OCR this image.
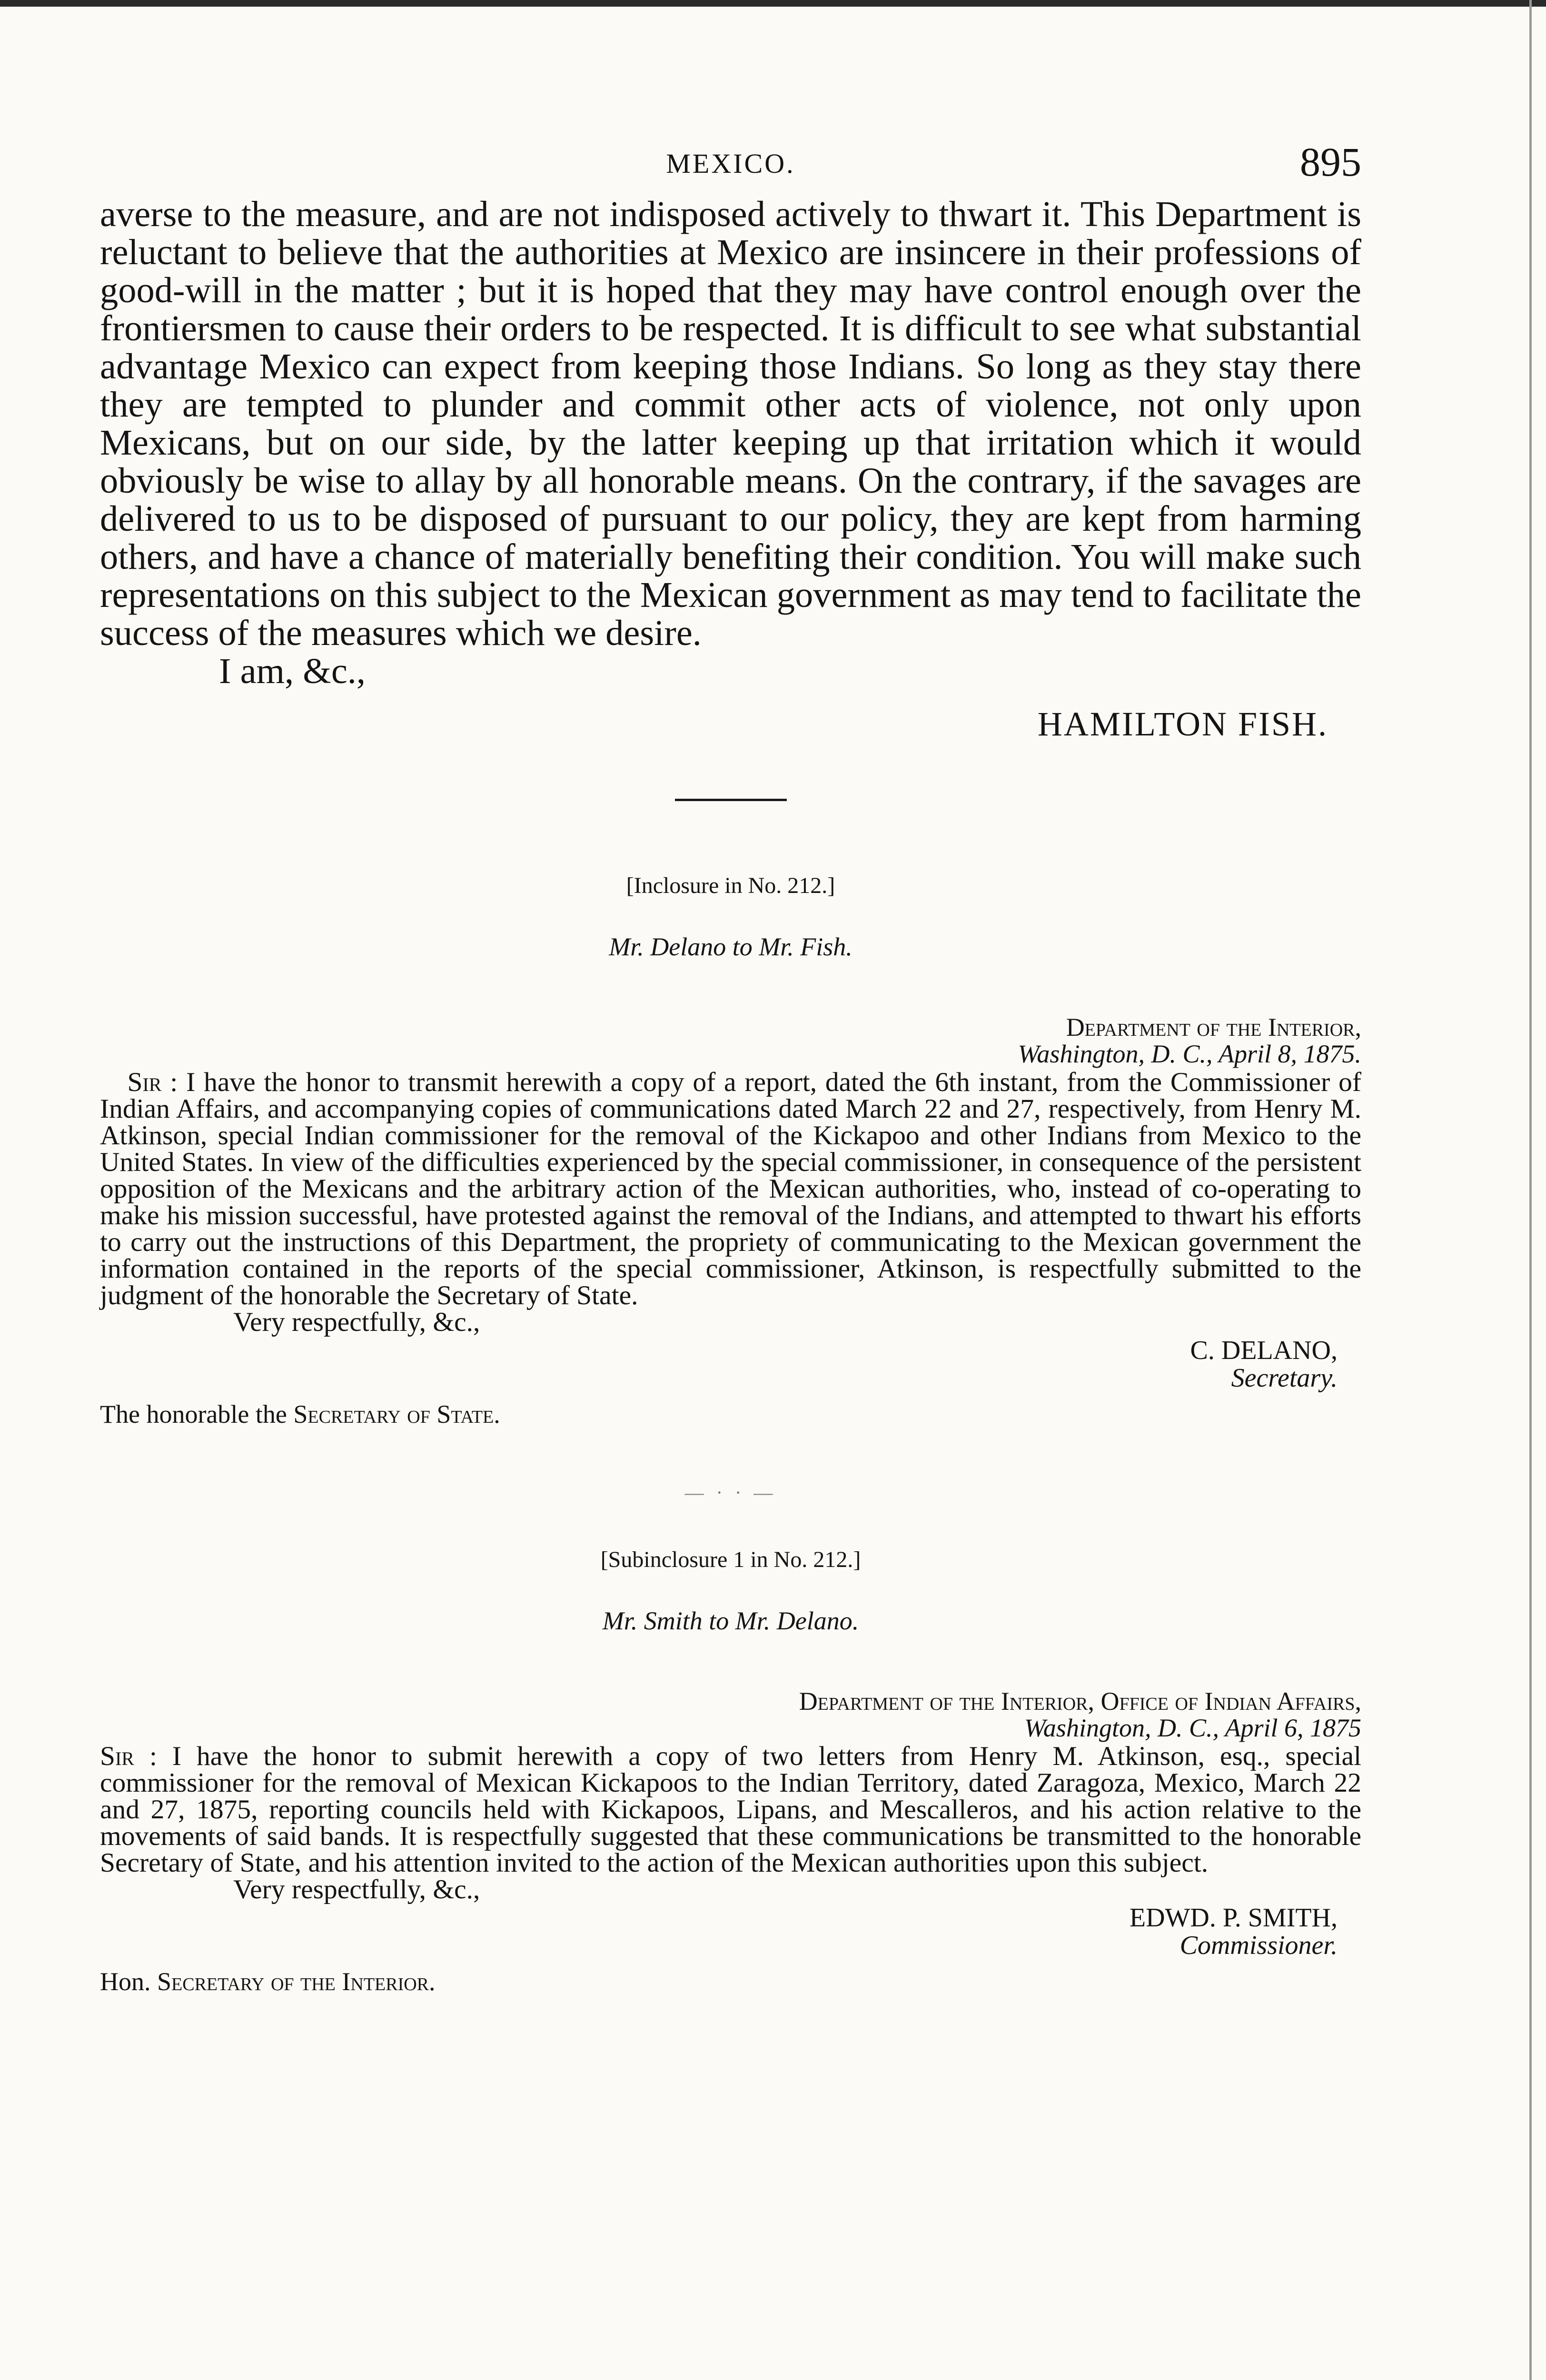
MEXICO.	895

averse to the measure, and are not indisposed actively to thwart it. This Department is reluctant to believe that the authorities at Mexico are insincere in their professions of good-will in the matter ; but it is hoped that they may have control enough over the frontiersmen to cause their orders to be respected. It is difficult to see what substantial advantage Mexico can expect from keeping those Indians. So long as they stay there they are tempted to plunder and commit other acts of violence, not only upon Mexicans, but on our side, by the latter keeping up that irritation which it would obviously be wise to allay by all honorable means. On the contrary, if the savages are delivered to us to be disposed of pursuant to our policy, they are kept from harming others, and have a chance of materially benefiting their condition. You will make such representations on this subject to the Mexican government as may tend to facilitate the success of the measures which we desire.

I am, &c.,

HAMILTON FISH.
[Inclosure in No. 212.]
Mr. Delano to Mr. Fish.
Department of the Interior,
Washington, D. C., April 8, 1875.

 Sir : I have the honor to transmit herewith a copy of a report, dated the 6th instant, from the Commissioner of Indian Affairs, and accompanying copies of communications dated March 22 and 27, respectively, from Henry M. Atkinson, special Indian commissioner for the removal of the Kickapoo and other Indians from Mexico to the United States. In view of the difficulties experienced by the special commissioner, in consequence of the persistent opposition of the Mexicans and the arbitrary action of the Mexican authorities, who, instead of co-operating to make his mission successful, have protested against the removal of the Indians, and attempted to thwart his efforts to carry out the instructions of this Department, the propriety of communicating to the Mexican government the information contained in the reports of the special commissioner, Atkinson, is respectfully submitted to the judgment of the honorable the Secretary of State.

Very respectfully, &c.,

C. DELANO,
Secretary.
The honorable the Secretary of State.
— · · —
[Subinclosure 1 in No. 212.]
Mr. Smith to Mr. Delano.
Department of the Interior, Office of Indian Affairs,
Washington, D. C., April 6, 1875

Sir : I have the honor to submit herewith a copy of two letters from Henry M. Atkinson, esq., special commissioner for the removal of Mexican Kickapoos to the Indian Territory, dated Zaragoza, Mexico, March 22 and 27, 1875, reporting councils held with Kickapoos, Lipans, and Mescalleros, and his action relative to the movements of said bands. It is respectfully suggested that these communications be transmitted to the honorable Secretary of State, and his attention invited to the action of the Mexican authorities upon this subject.

Very respectfully, &c.,

EDWD. P. SMITH,
Commissioner.
Hon. Secretary of the Interior.
